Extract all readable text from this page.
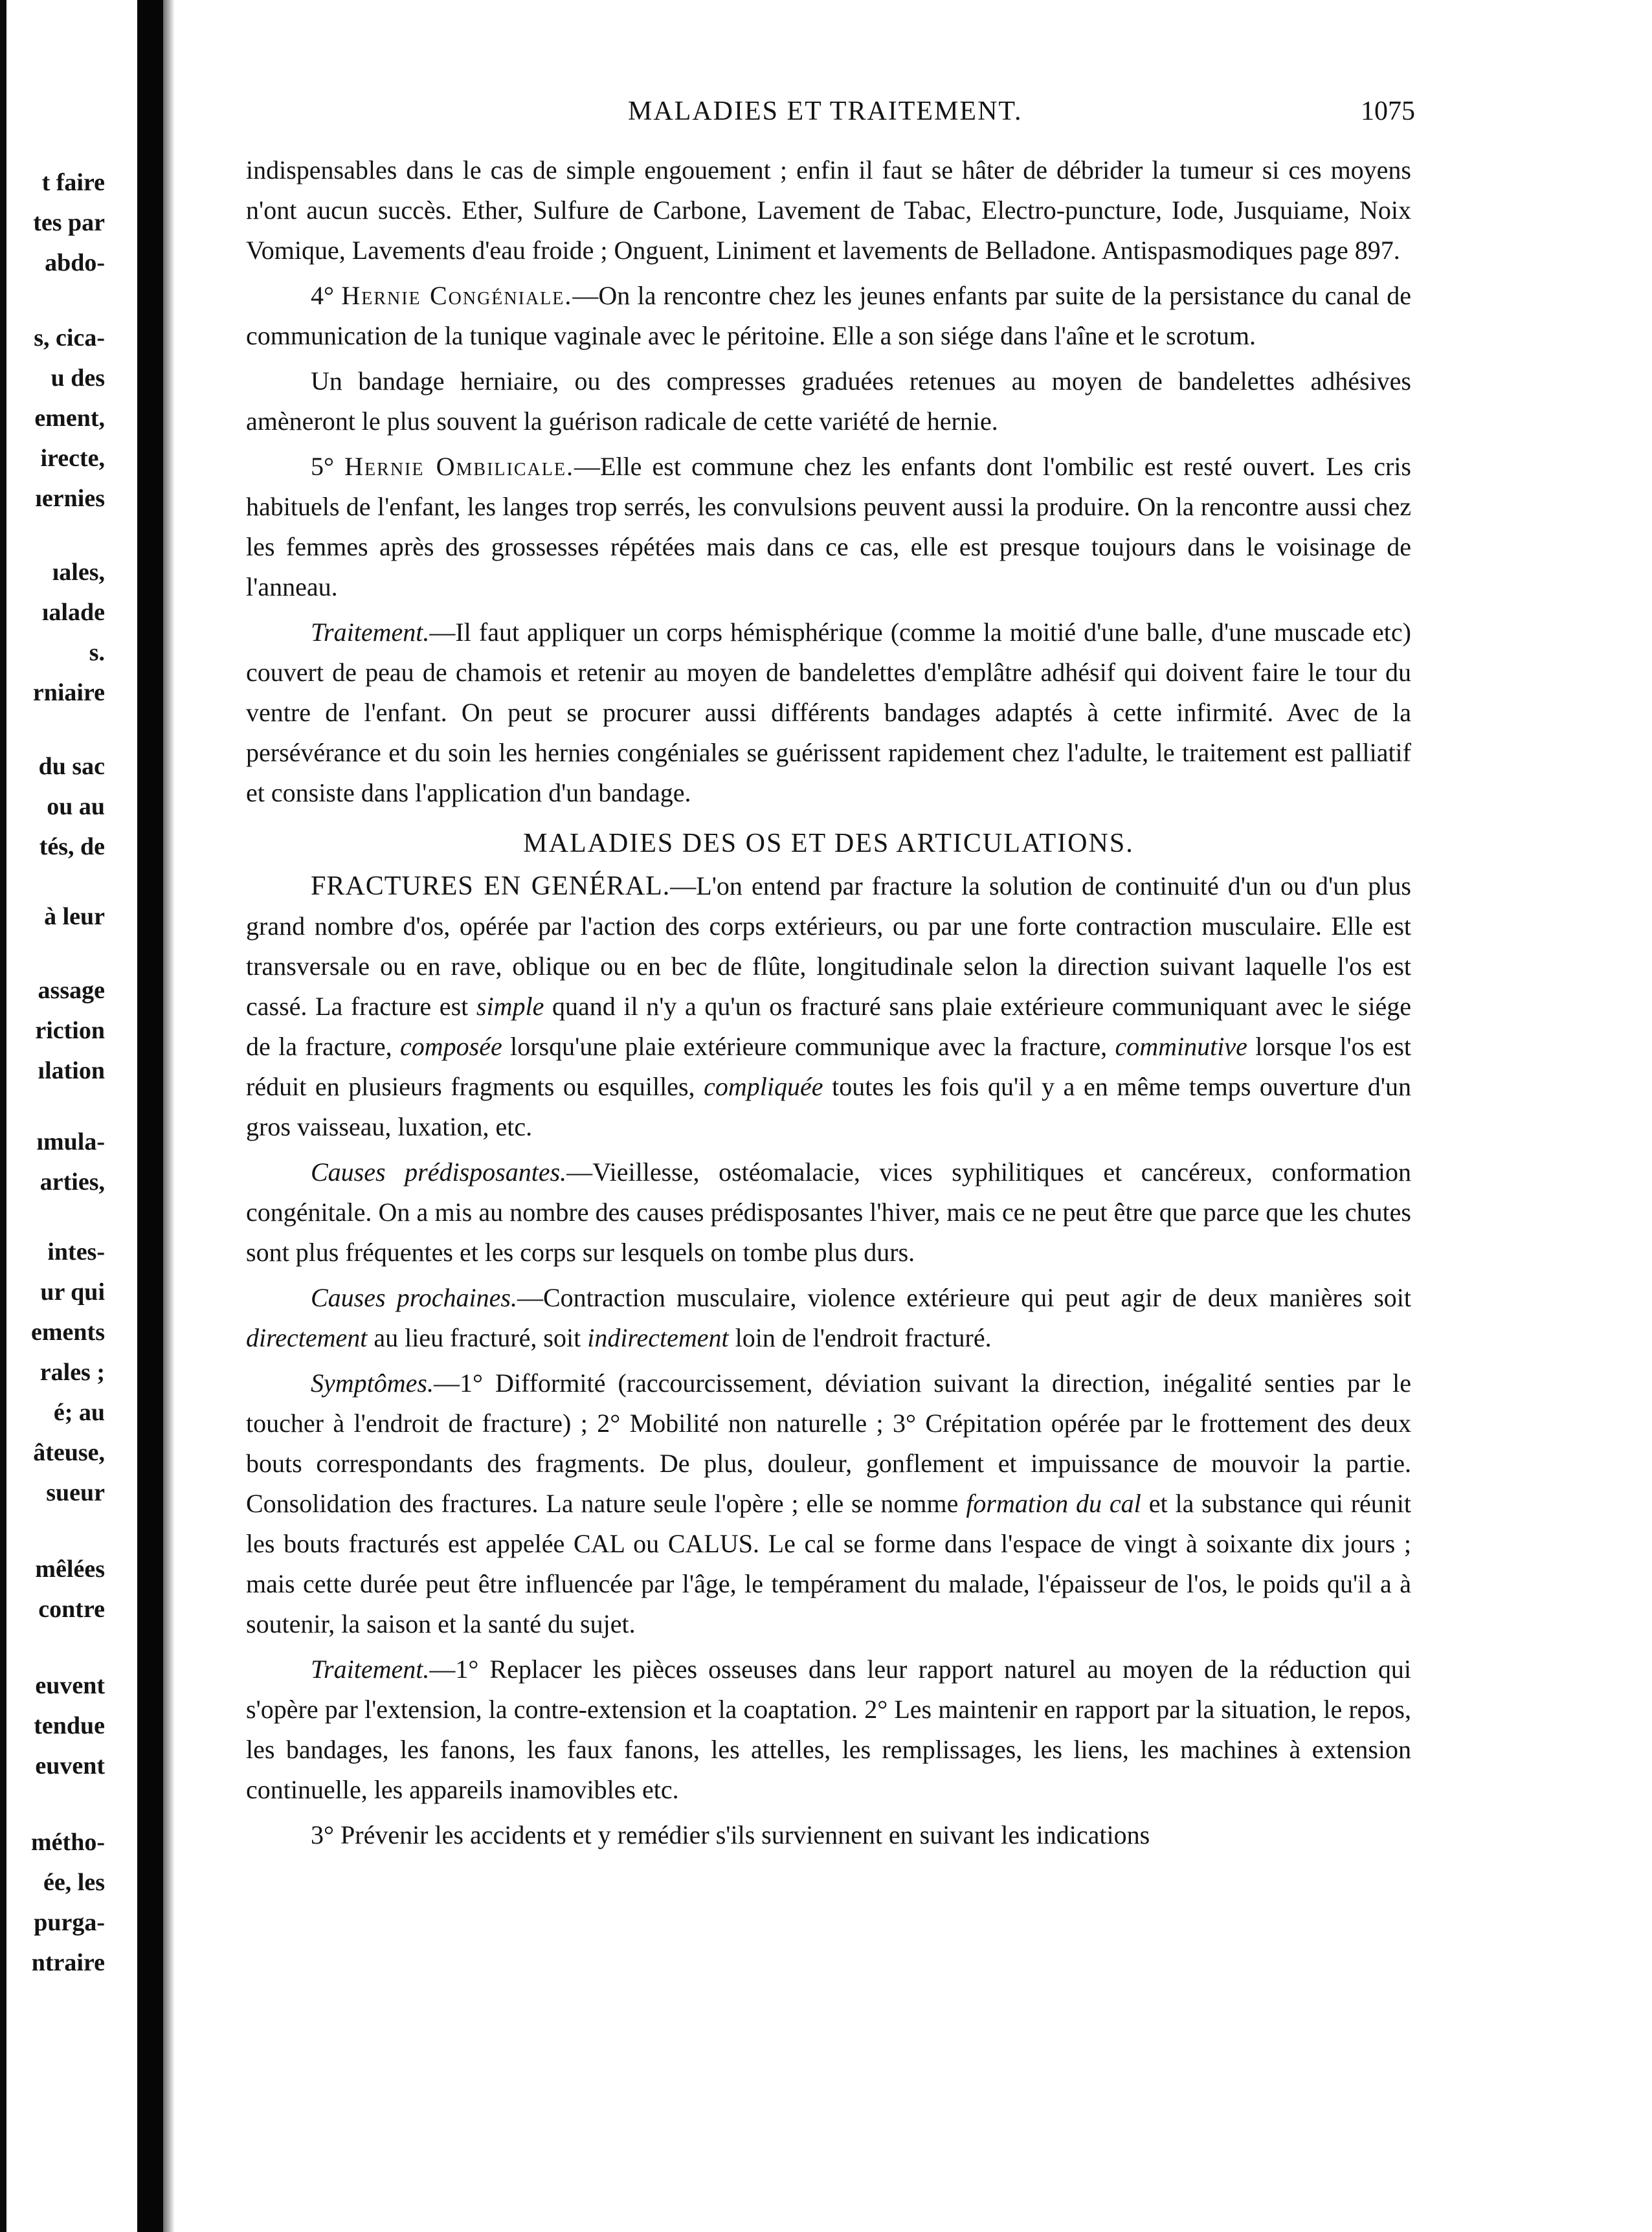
t faire
tes par
abdo-
s, cica-
u des
ement,
irecte,
ıernies
ıales,
ıalade
s.
rniaire
du sac
ou au
tés, de
à leur
assage
riction
ılation
ımula-
arties,
intes-
ur qui
ements
rales ;
é; au
âteuse,
sueur
mêlées
contre
euvent
tendue
euvent
métho-
ée, les
purga-
ntraire
MALADIES ET TRAITEMENT.	1075

indispensables dans le cas de simple engouement ; enfin il faut se hâter de débrider la tumeur si ces moyens n'ont aucun succès. Ether, Sulfure de Carbone, Lavement de Tabac, Electro-puncture, Iode, Jusquiame, Noix Vomique, Lavements d'eau froide ; Onguent, Liniment et lavements de Belladone. Antispasmodiques page 897.

4° Hernie Congéniale.—On la rencontre chez les jeunes enfants par suite de la persistance du canal de communication de la tunique vaginale avec le péritoine. Elle a son siége dans l'aîne et le scrotum.

Un bandage herniaire, ou des compresses graduées retenues au moyen de bandelettes adhésives amèneront le plus souvent la guérison radicale de cette variété de hernie.

5° Hernie Ombilicale.—Elle est commune chez les enfants dont l'ombilic est resté ouvert. Les cris habituels de l'enfant, les langes trop serrés, les convulsions peuvent aussi la produire. On la rencontre aussi chez les femmes après des grossesses répétées mais dans ce cas, elle est presque toujours dans le voisinage de l'anneau.

Traitement.—Il faut appliquer un corps hémisphérique (comme la moitié d'une balle, d'une muscade etc) couvert de peau de chamois et retenir au moyen de bandelettes d'emplâtre adhésif qui doivent faire le tour du ventre de l'enfant. On peut se procurer aussi différents bandages adaptés à cette infirmité. Avec de la persévérance et du soin les hernies congéniales se guérissent rapidement chez l'adulte, le traitement est palliatif et consiste dans l'application d'un bandage.

MALADIES DES OS ET DES ARTICULATIONS.

FRACTURES EN GENÉRAL.—L'on entend par fracture la solution de continuité d'un ou d'un plus grand nombre d'os, opérée par l'action des corps extérieurs, ou par une forte contraction musculaire. Elle est transversale ou en rave, oblique ou en bec de flûte, longitudinale selon la direction suivant laquelle l'os est cassé. La fracture est simple quand il n'y a qu'un os fracturé sans plaie extérieure communiquant avec le siége de la fracture, composée lorsqu'une plaie extérieure communique avec la fracture, comminutive lorsque l'os est réduit en plusieurs fragments ou esquilles, compliquée toutes les fois qu'il y a en même temps ouverture d'un gros vaisseau, luxation, etc.

Causes prédisposantes.—Vieillesse, ostéomalacie, vices syphilitiques et cancéreux, conformation congénitale. On a mis au nombre des causes prédisposantes l'hiver, mais ce ne peut être que parce que les chutes sont plus fréquentes et les corps sur lesquels on tombe plus durs.

Causes prochaines.—Contraction musculaire, violence extérieure qui peut agir de deux manières soit directement au lieu fracturé, soit indirectement loin de l'endroit fracturé.

Symptômes.—1° Difformité (raccourcissement, déviation suivant la direction, inégalité senties par le toucher à l'endroit de fracture) ; 2° Mobilité non naturelle ; 3° Crépitation opérée par le frottement des deux bouts correspondants des fragments. De plus, douleur, gonflement et impuissance de mouvoir la partie. Consolidation des fractures. La nature seule l'opère ; elle se nomme formation du cal et la substance qui réunit les bouts fracturés est appelée CAL ou CALUS. Le cal se forme dans l'espace de vingt à soixante dix jours ; mais cette durée peut être influencée par l'âge, le tempérament du malade, l'épaisseur de l'os, le poids qu'il a à soutenir, la saison et la santé du sujet.

Traitement.—1° Replacer les pièces osseuses dans leur rapport naturel au moyen de la réduction qui s'opère par l'extension, la contre-extension et la coaptation. 2° Les maintenir en rapport par la situation, le repos, les bandages, les fanons, les faux fanons, les attelles, les remplissages, les liens, les machines à extension continuelle, les appareils inamovibles etc.

3° Prévenir les accidents et y remédier s'ils surviennent en suivant les indications
